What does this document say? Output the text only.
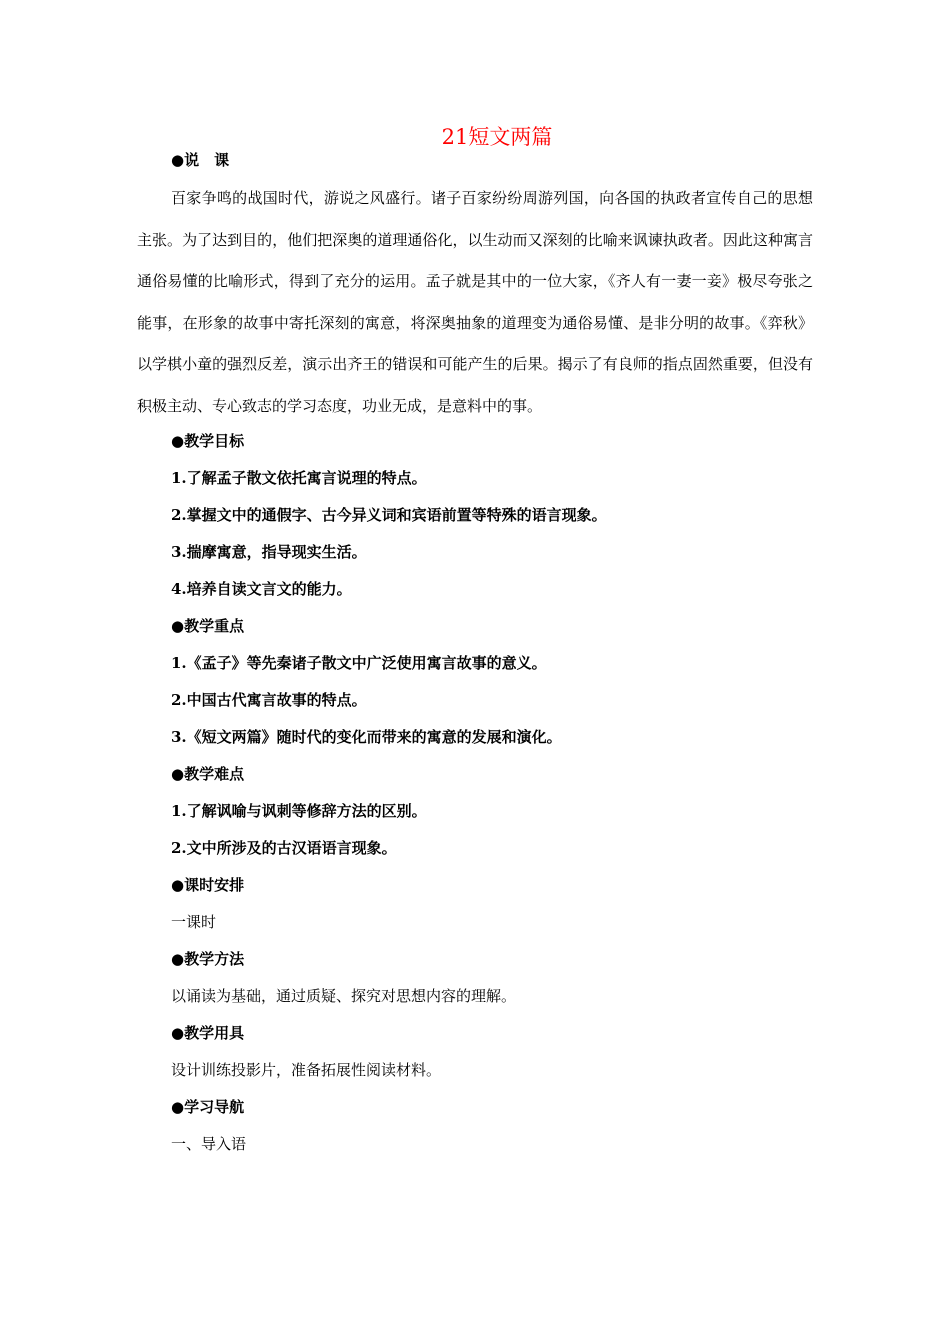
21短文两篇

●说　课

百家争鸣的战国时代，游说之风盛行。诸子百家纷纷周游列国，向各国的执政者宣传自己的思想主张。为了达到目的，他们把深奥的道理通俗化，以生动而又深刻的比喻来讽谏执政者。因此这种寓言通俗易懂的比喻形式，得到了充分的运用。孟子就是其中的一位大家，《齐人有一妻一妾》极尽夸张之能事，在形象的故事中寄托深刻的寓意，将深奥抽象的道理变为通俗易懂、是非分明的故事。《弈秋》以学棋小童的强烈反差，演示出齐王的错误和可能产生的后果。揭示了有良师的指点固然重要，但没有积极主动、专心致志的学习态度，功业无成，是意料中的事。

●教学目标

1.了解孟子散文依托寓言说理的特点。

2.掌握文中的通假字、古今异义词和宾语前置等特殊的语言现象。

3.揣摩寓意，指导现实生活。

4.培养自读文言文的能力。

●教学重点

1.《孟子》等先秦诸子散文中广泛使用寓言故事的意义。

2.中国古代寓言故事的特点。

3.《短文两篇》随时代的变化而带来的寓意的发展和演化。

●教学难点

1.了解讽喻与讽刺等修辞方法的区别。

2.文中所涉及的古汉语语言现象。

●课时安排

一课时

●教学方法

以诵读为基础，通过质疑、探究对思想内容的理解。

●教学用具

设计训练投影片，准备拓展性阅读材料。

●学习导航

一、导入语
